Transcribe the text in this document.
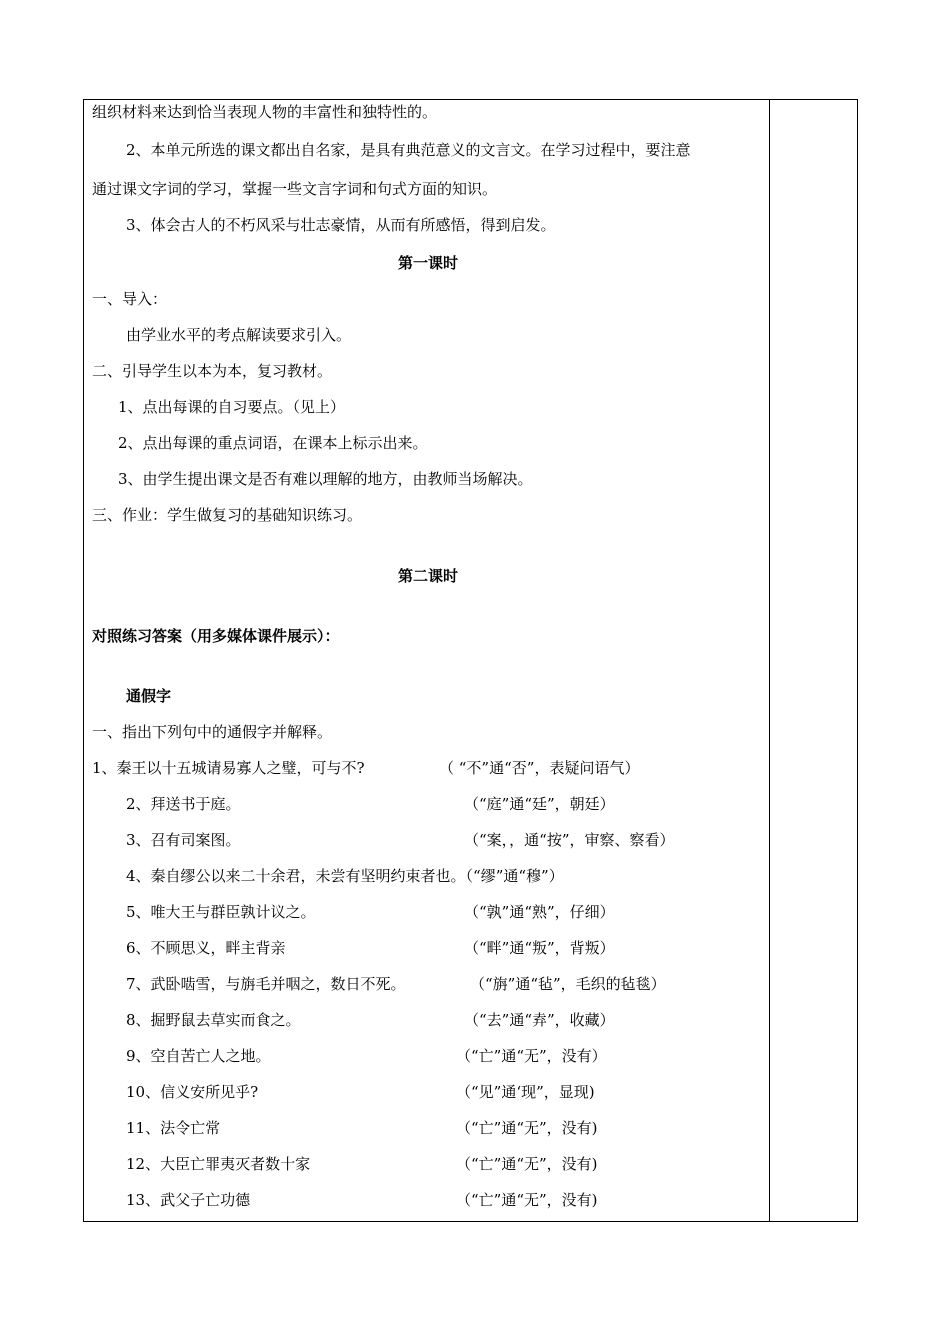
组织材料来达到恰当表现人物的丰富性和独特性的。
2、本单元所选的课文都出自名家，是具有典范意义的文言文。在学习过程中，要注意
通过课文字词的学习，掌握一些文言字词和句式方面的知识。
3、体会古人的不朽风采与壮志豪情，从而有所感悟，得到启发。
第一课时
一、导入：
由学业水平的考点解读要求引入。
二、引导学生以本为本，复习教材。
1、点出每课的自习要点。（见上）
2、点出每课的重点词语，在课本上标示出来。
3、由学生提出课文是否有难以理解的地方，由教师当场解决。
三、作业：学生做复习的基础知识练习。
第二课时
对照练习答案（用多媒体课件展示）：
通假字
一、指出下列句中的通假字并解释。
1、秦王以十五城请易寡人之璧，可与不?	（ “不”通“否”，表疑问语气）
2、拜送书于庭。	（“庭”通“廷”，朝廷）
3、召有司案图。	（“案，，通“按”，审察、察看）
4、秦自缪公以来二十余君，未尝有坚明约束者也。（“缪”通“穆”）
5、唯大王与群臣孰计议之。	（“孰”通“熟”，仔细）
6、不顾思义，畔主背亲	（“畔”通“叛”，背叛）
7、武卧啮雪，与旃毛并咽之，数日不死。	（“旃”通“毡”，毛织的毡毯）
8、掘野鼠去草实而食之。	（“去”通“弆”，收藏）
9、空自苦亡人之地。	（“亡”通“无”，没有）
10、信义安所见乎?	（“见”通‘现”，显现)
11、法令亡常	（“亡”通“无”，没有)
12、大臣亡罪夷灭者数十家	（“亡”通“无”，没有)
13、武父子亡功德	（“亡”通“无”，没有)
